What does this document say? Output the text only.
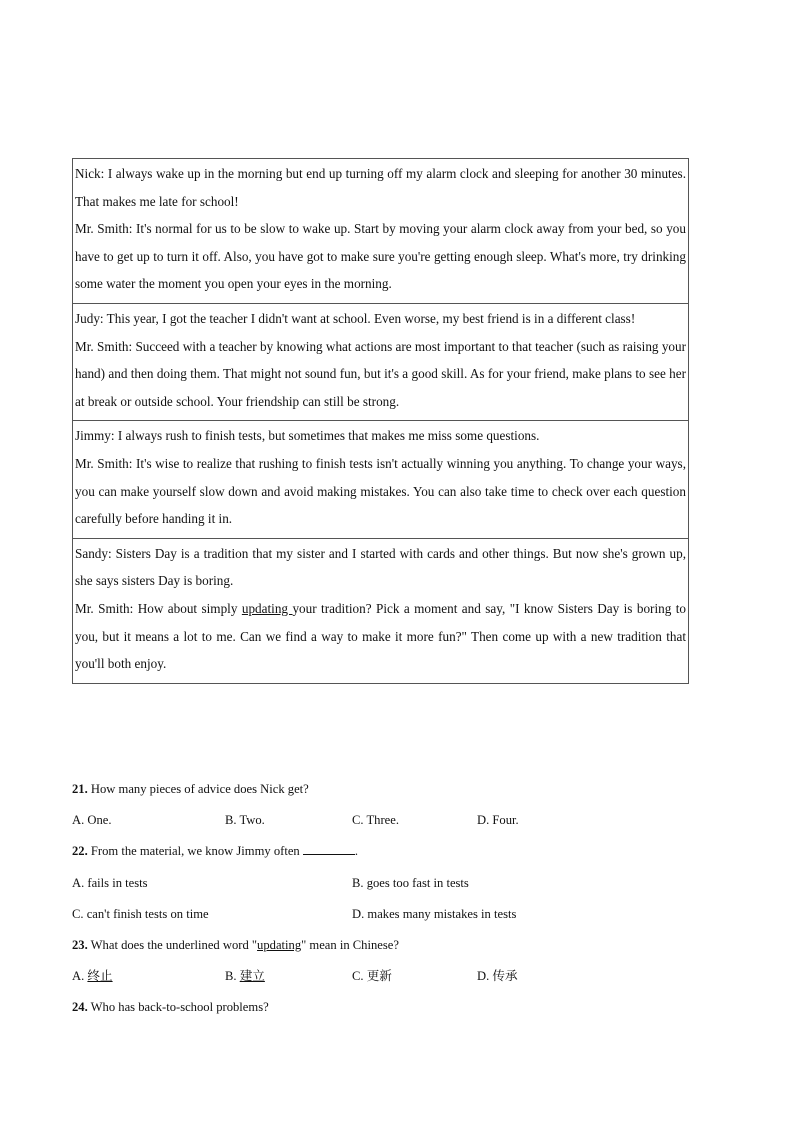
Nick: I always wake up in the morning but end up turning off my alarm clock and sleeping for another 30 minutes. That makes me late for school!

Mr. Smith: It's normal for us to be slow to wake up. Start by moving your alarm clock away from your bed, so you have to get up to turn it off. Also, you have got to make sure you're getting enough sleep. What's more, try drinking some water the moment you open your eyes in the morning.

Judy: This year, I got the teacher I didn't want at school. Even worse, my best friend is in a different class!

Mr. Smith: Succeed with a teacher by knowing what actions are most important to that teacher (such as raising your hand) and then doing them. That might not sound fun, but it's a good skill. As for your friend, make plans to see her at break or outside school. Your friendship can still be strong.

Jimmy: I always rush to finish tests, but sometimes that makes me miss some questions.

Mr. Smith: It's wise to realize that rushing to finish tests isn't actually winning you anything. To change your ways, you can make yourself slow down and avoid making mistakes. You can also take time to check over each question carefully before handing it in.

Sandy: Sisters Day is a tradition that my sister and I started with cards and other things. But now she's grown up, she says sisters Day is boring.

Mr. Smith: How about simply updating your tradition? Pick a moment and say, "I know Sisters Day is boring to you, but it means a lot to me. Can we find a way to make it more fun?" Then come up with a new tradition that you'll both enjoy.

21. How many pieces of advice does Nick get?
A. One.	B. Two.	C. Three.	D. Four.
22. From the material, we know Jimmy often	.
A. fails in tests	B. goes too fast in tests
C. can't finish tests on time	D. makes many mistakes in tests
23. What does the underlined word "updating" mean in Chinese?
A. 终止	B. 建立	C. 更新	D. 传承
24. Who has back-to-school problems?
